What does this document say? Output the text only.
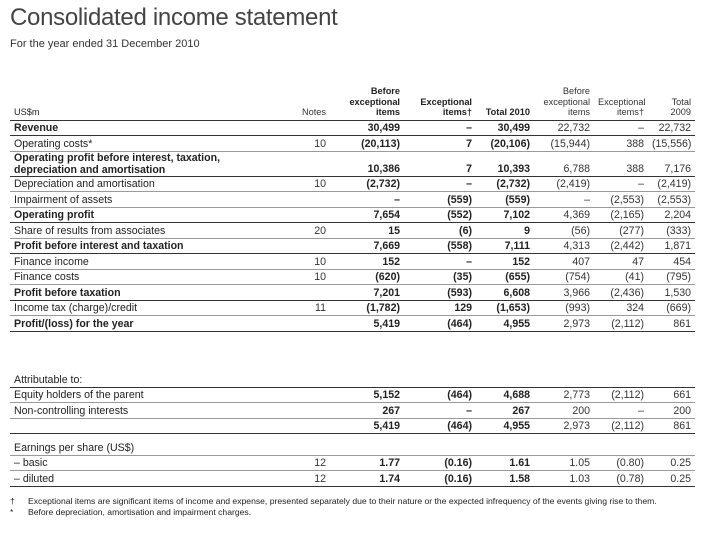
Consolidated income statement
For the year ended 31 December 2010
US$m	Notes	Before exceptional items	Exceptional items†	Total 2010	Before exceptional items	Exceptional items†	Total 2009
Revenue		30,499	–	30,499	22,732	–	22,732
Operating costs*	10	(20,113)	7	(20,106)	(15,944)	388	(15,556)
Operating profit before interest, taxation, depreciation and amortisation		10,386	7	10,393	6,788	388	7,176
Depreciation and amortisation	10	(2,732)	–	(2,732)	(2,419)	–	(2,419)
Impairment of assets		–	(559)	(559)	–	(2,553)	(2,553)
Operating profit		7,654	(552)	7,102	4,369	(2,165)	2,204
Share of results from associates	20	15	(6)	9	(56)	(277)	(333)
Profit before interest and taxation		7,669	(558)	7,111	4,313	(2,442)	1,871
Finance income	10	152	–	152	407	47	454
Finance costs	10	(620)	(35)	(655)	(754)	(41)	(795)
Profit before taxation		7,201	(593)	6,608	3,966	(2,436)	1,530
Income tax (charge)/credit	11	(1,782)	129	(1,653)	(993)	324	(669)
Profit/(loss) for the year		5,419	(464)	4,955	2,973	(2,112)	861
Attributable to:							
Equity holders of the parent		5,152	(464)	4,688	2,773	(2,112)	661
Non-controlling interests		267	–	267	200	–	200
		5,419	(464)	4,955	2,973	(2,112)	861
Earnings per share (US$)							
– basic	12	1.77	(0.16)	1.61	1.05	(0.80)	0.25
– diluted	12	1.74	(0.16)	1.58	1.03	(0.78)	0.25
† Exceptional items are significant items of income and expense, presented separately due to their nature or the expected infrequency of the events giving rise to them.
* Before depreciation, amortisation and impairment charges.
